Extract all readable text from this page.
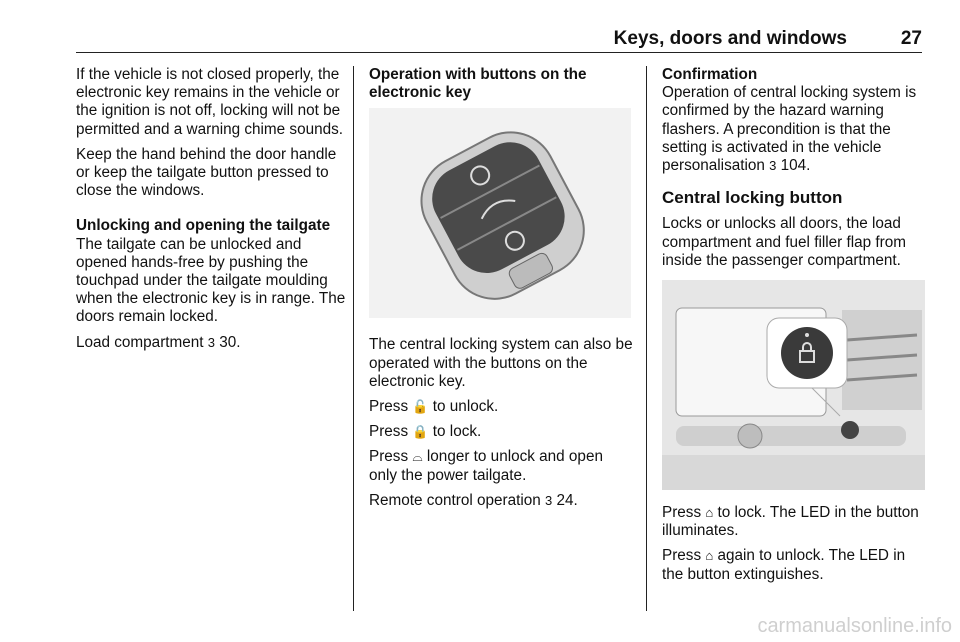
Keys, doors and windows	27

If the vehicle is not closed properly, the electronic key remains in the vehicle or the ignition is not off, locking will not be permitted and a warning chime sounds.

Keep the hand behind the door handle or keep the tailgate button pressed to close the windows.

Unlocking and opening the tailgate

The tailgate can be unlocked and opened hands-free by pushing the touchpad under the tailgate moulding when the electronic key is in range. The doors remain locked.

Load compartment 3 30.

Operation with buttons on the electronic key

The central locking system can also be operated with the buttons on the electronic key.

Press 🔓 to unlock.

Press 🔒 to lock.

Press ⌓ longer to unlock and open only the power tailgate.

Remote control operation 3 24.

Confirmation

Operation of central locking system is confirmed by the hazard warning flashers. A precondition is that the setting is activated in the vehicle personalisation 3 104.

Central locking button

Locks or unlocks all doors, the load compartment and fuel filler flap from inside the passenger compartment.

Press ⌂ to lock. The LED in the button illuminates.

Press ⌂ again to unlock. The LED in the button extinguishes.

carmanualsonline.info
